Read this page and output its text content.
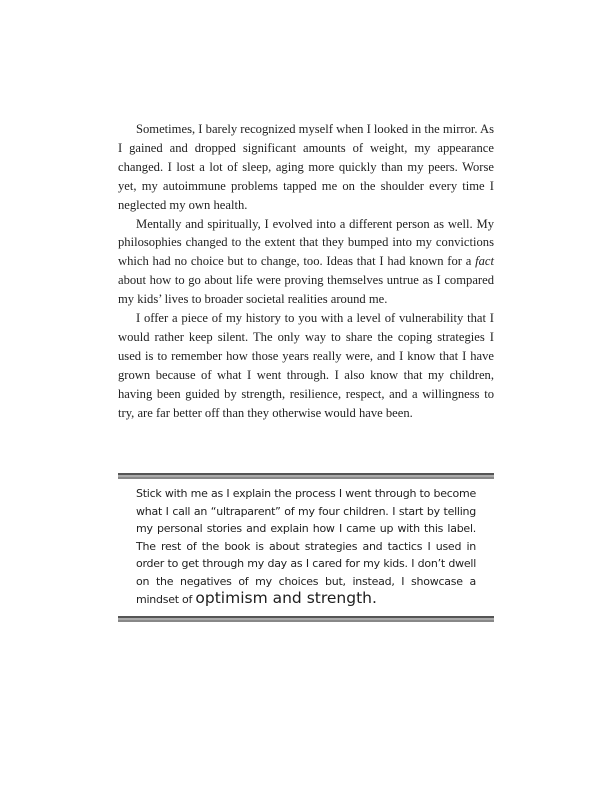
Sometimes, I barely recognized myself when I looked in the mirror. As I gained and dropped significant amounts of weight, my appearance changed. I lost a lot of sleep, aging more quickly than my peers. Worse yet, my autoimmune problems tapped me on the shoulder every time I neglected my own health.

Mentally and spiritually, I evolved into a different person as well. My philosophies changed to the extent that they bumped into my convictions which had no choice but to change, too. Ideas that I had known for a fact about how to go about life were proving themselves untrue as I compared my kids’ lives to broader societal realities around me.

I offer a piece of my history to you with a level of vulnerability that I would rather keep silent. The only way to share the coping strategies I used is to remember how those years really were, and I know that I have grown because of what I went through. I also know that my children, having been guided by strength, resilience, respect, and a willingness to try, are far better off than they otherwise would have been.

Stick with me as I explain the process I went through to become what I call an “ultraparent” of my four children. I start by telling my personal stories and explain how I came up with this label. The rest of the book is about strategies and tactics I used in order to get through my day as I cared for my kids. I don’t dwell on the negatives of my choices but, instead, I showcase a mindset of optimism and strength.
